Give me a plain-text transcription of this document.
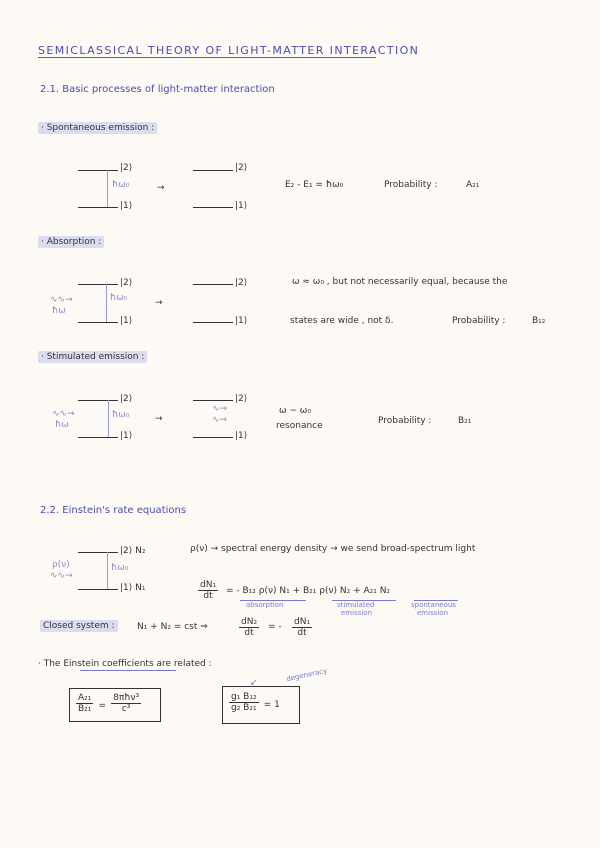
SEMICLASSICAL THEORY OF LIGHT-MATTER INTERACTION
2.1. Basic processes of light-matter interaction
· Spontaneous emission :
|2⟩
|1⟩
ħω₀	→
|2⟩
|1⟩
E₂ - E₁ = ħω₀	Probability :	A₂₁
· Absorption :
|2⟩
|1⟩
ħω₀
ħω
∿∿→	→
|2⟩
|1⟩
ω ≈ ω₀ , but not necessarily equal, because the
states are wide , not δ.	Probability :	B₁₂
· Stimulated emission :
|2⟩
|1⟩
ħω₀
ħω
∿∿→	→
∿→
∿→
|2⟩
|1⟩
ω ~ ω₀
resonance	Probability :	B₂₁
2.2. Einstein's rate equations
|2⟩ N₂
|1⟩ N₁
ħω₀
ρ(ν)
∿∿→
ρ(ν) → spectral energy density → we send broad-spectrum light
$\frac{\text{dN₁}}{dt}$ = - B₁₂ ρ(ν) N₁ + B₂₁ ρ(ν) N₂ + A₂₁ N₂
absorption	stimulated
emission
spontaneous
emission
Closed system :	N₁ + N₂ = cst ⇒	$\frac{\text{dN₂}}{dt}$ = - $\frac{\text{dN₁}}{dt}$
· The Einstein coefficients are related :
degeneracy
↙
$\frac{\text{A₂₁}}{\text{B₂₁}} = \frac{\text{8πħν³}}{\text{c³}}$	$\frac{\text{g₁ B₁₂}}{\text{g₂ B₂₁}} = 1$
